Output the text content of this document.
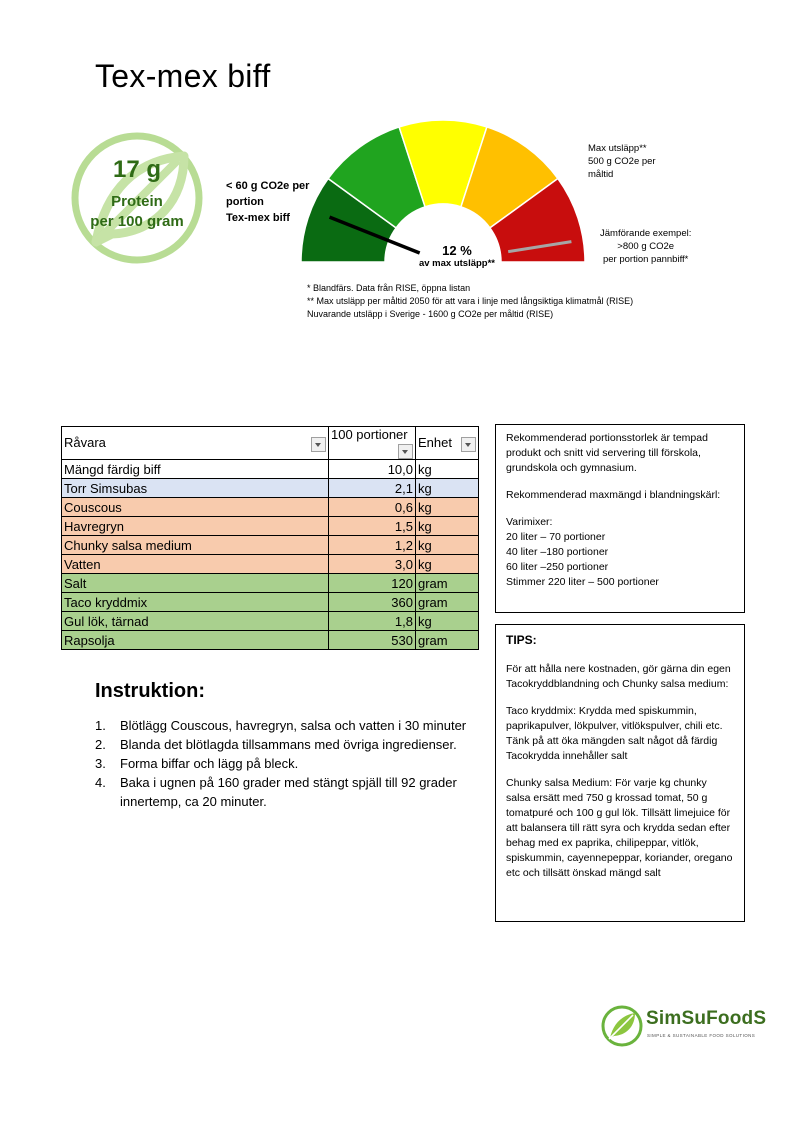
Tex-mex biff
17 g
Protein
per 100 gram
< 60 g CO2e per
portion
Tex-mex biff
Max utsläpp**
500 g CO2e per
måltid
Jämförande exempel:
>800 g CO2e
per portion pannbiff*
12 %
av max utsläpp**
* Blandfärs. Data från RISE, öppna listan
** Max utsläpp per måltid 2050 för att vara i linje med långsiktiga klimatmål (RISE)
Nuvarande utsläpp i Sverige - 1600 g CO2e per måltid (RISE)
Råvara	100 portioner	Enhet

Mängd färdig biff	10,0	kg
Torr Simsubas	2,1	kg
Couscous	0,6	kg
Havregryn	1,5	kg
Chunky salsa medium	1,2	kg
Vatten	3,0	kg
Salt	120	gram
Taco kryddmix	360	gram
Gul lök, tärnad	1,8	kg
Rapsolja	530	gram
Instruktion:
1. Blötlägg Couscous, havregryn, salsa och vatten i 30 minuter
2. Blanda det blötlagda tillsammans med övriga ingredienser.
3. Forma biffar och lägg på bleck.
4. Baka i ugnen på 160 grader med stängt spjäll till 92 grader innertemp, ca 20 minuter.

Rekommenderad portionsstorlek är tempad produkt och snitt vid servering till förskola, grundskola och gymnasium.

Rekommenderad maxmängd i blandningskärl:

Varimixer:
20 liter – 70 portioner
40 liter –180 portioner
60 liter –250 portioner
Stimmer 220 liter – 500 portioner
TIPS:

För att hålla nere kostnaden, gör gärna din egen Tacokryddblandning och Chunky salsa medium:

Taco kryddmix: Krydda med spiskummin, paprikapulver, lökpulver, vitlökspulver, chili etc. Tänk på att öka mängden salt något då färdig Tacokrydda innehåller salt

Chunky salsa Medium: För varje kg chunky salsa ersätt med 750 g krossad tomat, 50 g tomatpuré och 100 g gul lök. Tillsätt limejuice för att balansera till rätt syra och krydda sedan efter behag med ex paprika, chilipeppar, vitlök, spiskummin, cayennepeppar, koriander, oregano etc och tillsätt önskad mängd salt

SimSuFoodS
SIMPLE & SUSTAINABLE FOOD SOLUTIONS
